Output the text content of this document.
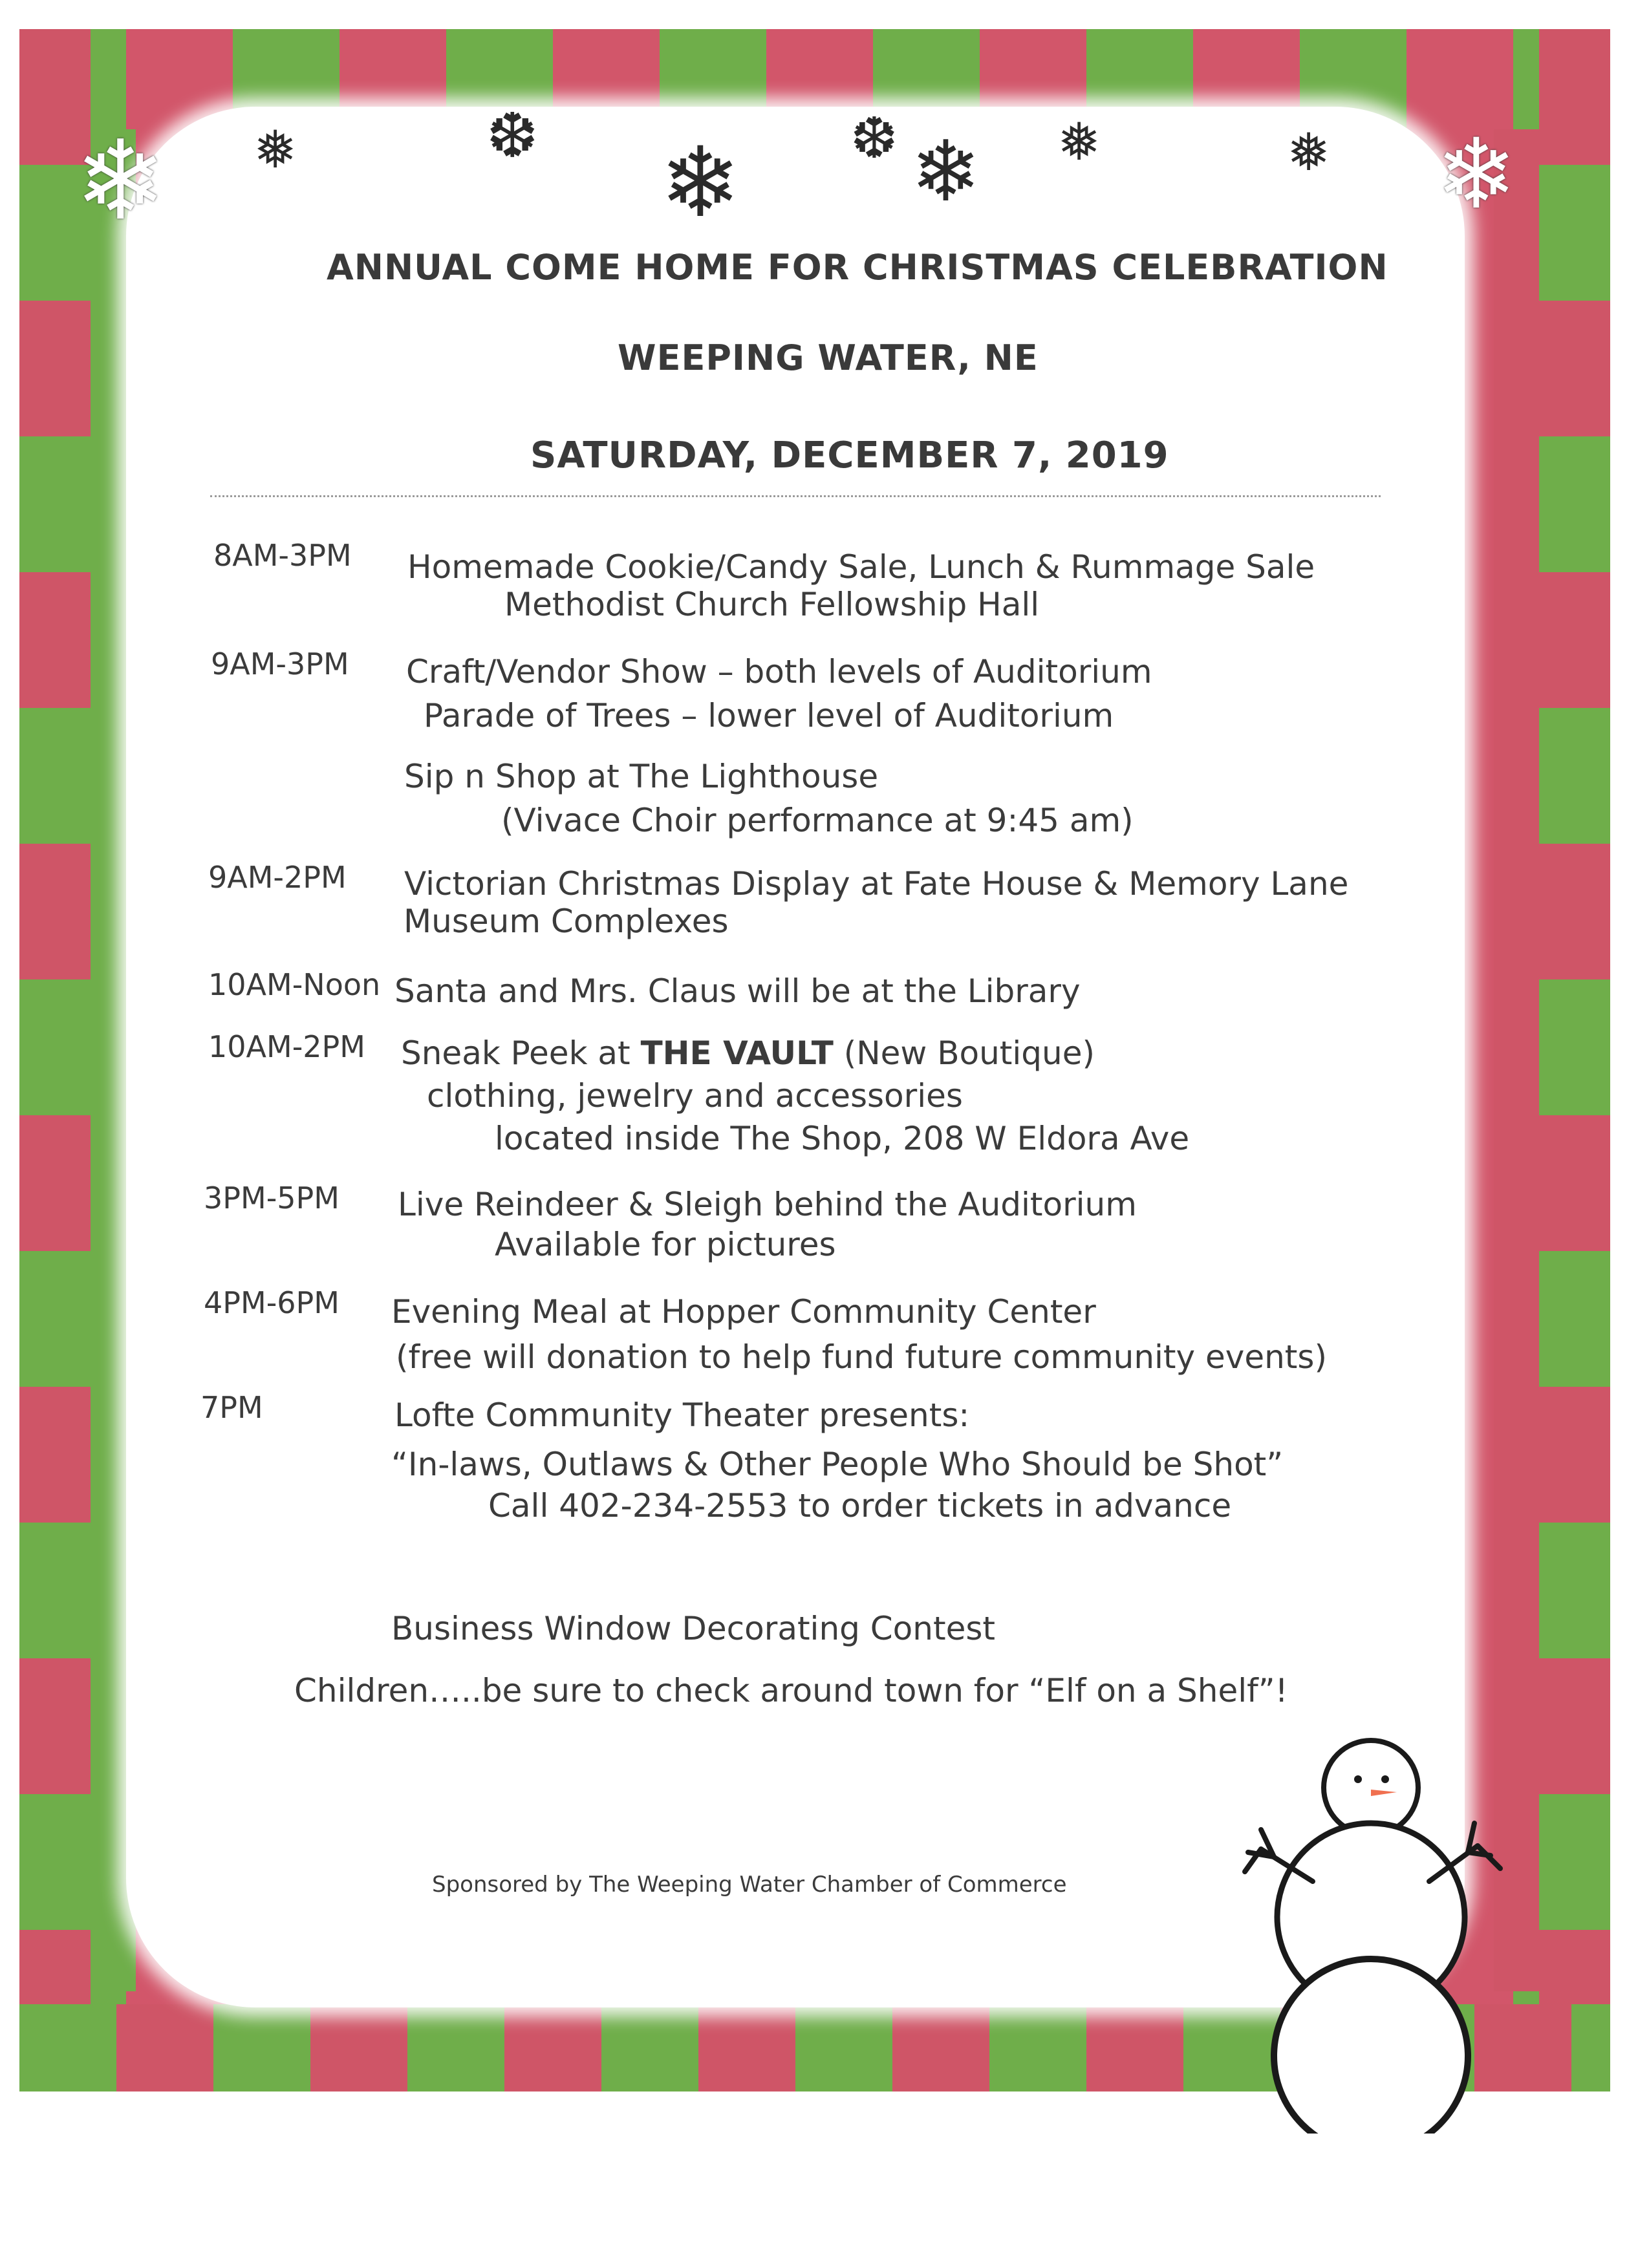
❄ ❅	❆ ❄ ❆ ❄ ❅	❅ ❄
ANNUAL COME HOME FOR CHRISTMAS CELEBRATION
WEEPING WATER, NE
SATURDAY, DECEMBER 7, 2019
8AM-3PM Homemade Cookie/Candy Sale, Lunch & Rummage Sale
Methodist Church Fellowship Hall
9AM-3PM Craft/Vendor Show – both levels of Auditorium
Parade of Trees – lower level of Auditorium
Sip n Shop at The Lighthouse
(Vivace Choir performance at 9:45 am)
9AM-2PM Victorian Christmas Display at Fate House & Memory Lane
Museum Complexes
10AM-Noon Santa and Mrs. Claus will be at the Library
10AM-2PM Sneak Peek at THE VAULT (New Boutique)
clothing, jewelry and accessories
located inside The Shop, 208 W Eldora Ave
3PM-5PM Live Reindeer & Sleigh behind the Auditorium
Available for pictures
4PM-6PM Evening Meal at Hopper Community Center
(free will donation to help fund future community events)
7PM	Lofte Community Theater presents:
“In-laws, Outlaws & Other People Who Should be Shot”
Call 402-234-2553 to order tickets in advance
Business Window Decorating Contest
Children…..be sure to check around town for “Elf on a Shelf”!
Sponsored by The Weeping Water Chamber of Commerce
